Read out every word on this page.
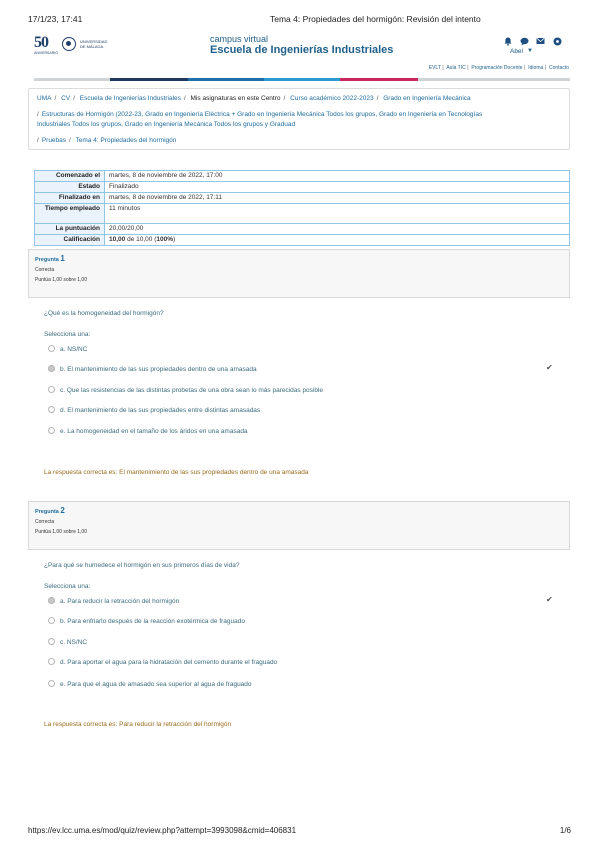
17/1/23, 17:41	Tema 4: Propiedades del hormigón: Revisión del intento
50
ANIVERSARIO
UNIVERSIDAD DE MÁLAGA
campus virtual
Escuela de Ingenierías Industriales	Abel ▼
EVLT | Aula TIC | Programación Docente | Idioma | Contacto
UMA / CV / Escuela de Ingenierías Industriales / Mis asignaturas en este Centro / Curso académico 2022-2023 / Grado en Ingeniería Mecánica
/ Estructuras de Hormigón (2022-23, Grado en Ingeniería Eléctrica + Grado en Ingeniería Mecánica Todos los grupos, Grado en Ingeniería en Tecnologías
Industriales Todos los grupos, Grado en Ingeniería Mecánica Todos los grupos y Graduad
/ Pruebas / Tema 4: Propiedades del hormigón
Comenzado el	martes, 8 de noviembre de 2022, 17:00
Estado	Finalizado
Finalizado en	martes, 8 de noviembre de 2022, 17:11
Tiempo empleado	11 minutos
La puntuación	20,00/20,00
Calificación	10,00 de 10,00 (100%)
Pregunta 1
Correcta
Puntúa 1,00 sobre 1,00
¿Qué es la homogeneidad del hormigón?
Selecciona una:
a. NS/NC
b. El mantenimiento de las sus propiedades dentro de una amasada	✔
c. Que las resistencias de las distintas probetas de una obra sean lo más parecidas posible
d. El mantenimiento de las sus propiedades entre distintas amasadas
e. La homogeneidad en el tamaño de los áridos en una amasada
La respuesta correcta es: El mantenimiento de las sus propiedades dentro de una amasada
Pregunta 2
Correcta
Puntúa 1,00 sobre 1,00
¿Para qué se humedece el hormigón en sus primeros días de vida?
Selecciona una:
a. Para reducir la retracción del hormigón	✔
b. Para enfriarlo después de la reacción exotérmica de fraguado
c. NS/NC
d. Para aportar el agua para la hidratación del cemento durante el fraguado
e. Para que el agua de amasado sea superior al agua de fraguado
La respuesta correcta es: Para reducir la retracción del hormigón
https://ev.lcc.uma.es/mod/quiz/review.php?attempt=3993098&cmid=406831	1/6
